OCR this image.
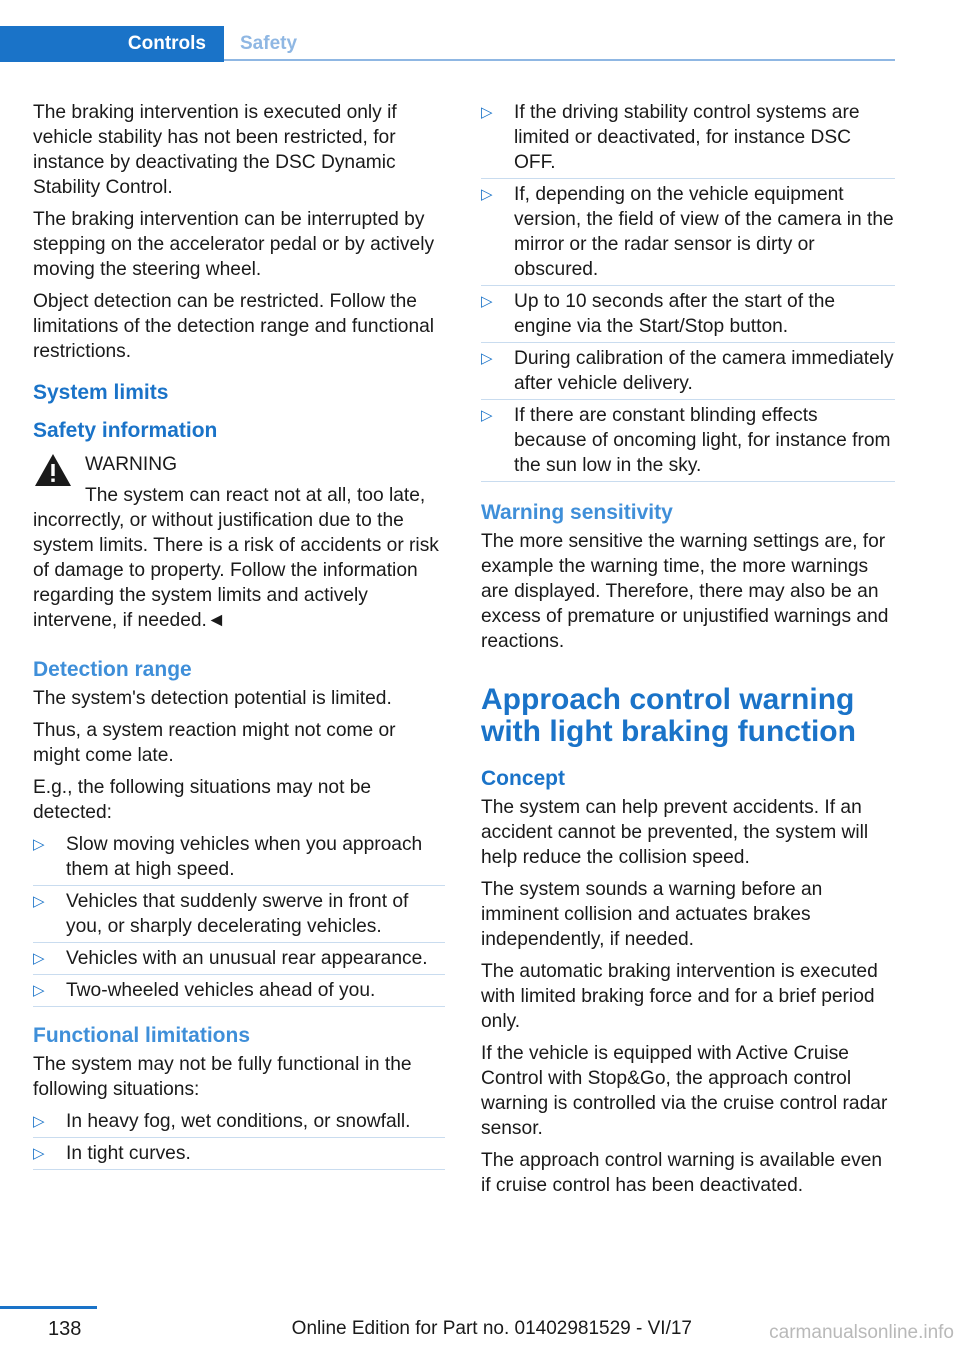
Controls	Safety

The braking intervention is executed only if vehicle stability has not been restricted, for instance by deactivating the DSC Dynamic Stability Control.

The braking intervention can be interrupted by stepping on the accelerator pedal or by actively moving the steering wheel.

Object detection can be restricted. Follow the limitations of the detection range and functional restrictions.

System limits
Safety information
WARNING

The system can react not at all, too late, incorrectly, or without justification due to the system limits. There is a risk of accidents or risk of damage to property. Follow the information regarding the system limits and actively intervene, if needed.◄

Detection range

The system's detection potential is limited.

Thus, a system reaction might not come or might come late.

E.g., the following situations may not be detected:

▷	Slow moving vehicles when you approach them at high speed.
▷	Vehicles that suddenly swerve in front of you, or sharply decelerating vehicles.
▷	Vehicles with an unusual rear appearance.
▷	Two-wheeled vehicles ahead of you.
Functional limitations

The system may not be fully functional in the following situations:

▷	In heavy fog, wet conditions, or snowfall.
▷	In tight curves.
▷	If the driving stability control systems are limited or deactivated, for instance DSC OFF.
▷	If, depending on the vehicle equipment version, the field of view of the camera in the mirror or the radar sensor is dirty or obscured.
▷	Up to 10 seconds after the start of the engine via the Start/Stop button.
▷	During calibration of the camera immediately after vehicle delivery.
▷	If there are constant blinding effects because of oncoming light, for instance from the sun low in the sky.
Warning sensitivity

The more sensitive the warning settings are, for example the warning time, the more warnings are displayed. Therefore, there may also be an excess of premature or unjustified warnings and reactions.

Approach control warning with light braking function
Concept

The system can help prevent accidents. If an accident cannot be prevented, the system will help reduce the collision speed.

The system sounds a warning before an imminent collision and actuates brakes independently, if needed.

The automatic braking intervention is executed with limited braking force and for a brief period only.

If the vehicle is equipped with Active Cruise Control with Stop&Go, the approach control warning is controlled via the cruise control radar sensor.

The approach control warning is available even if cruise control has been deactivated.

138	Online Edition for Part no. 01402981529 - VI/17	carmanualsonline.info
